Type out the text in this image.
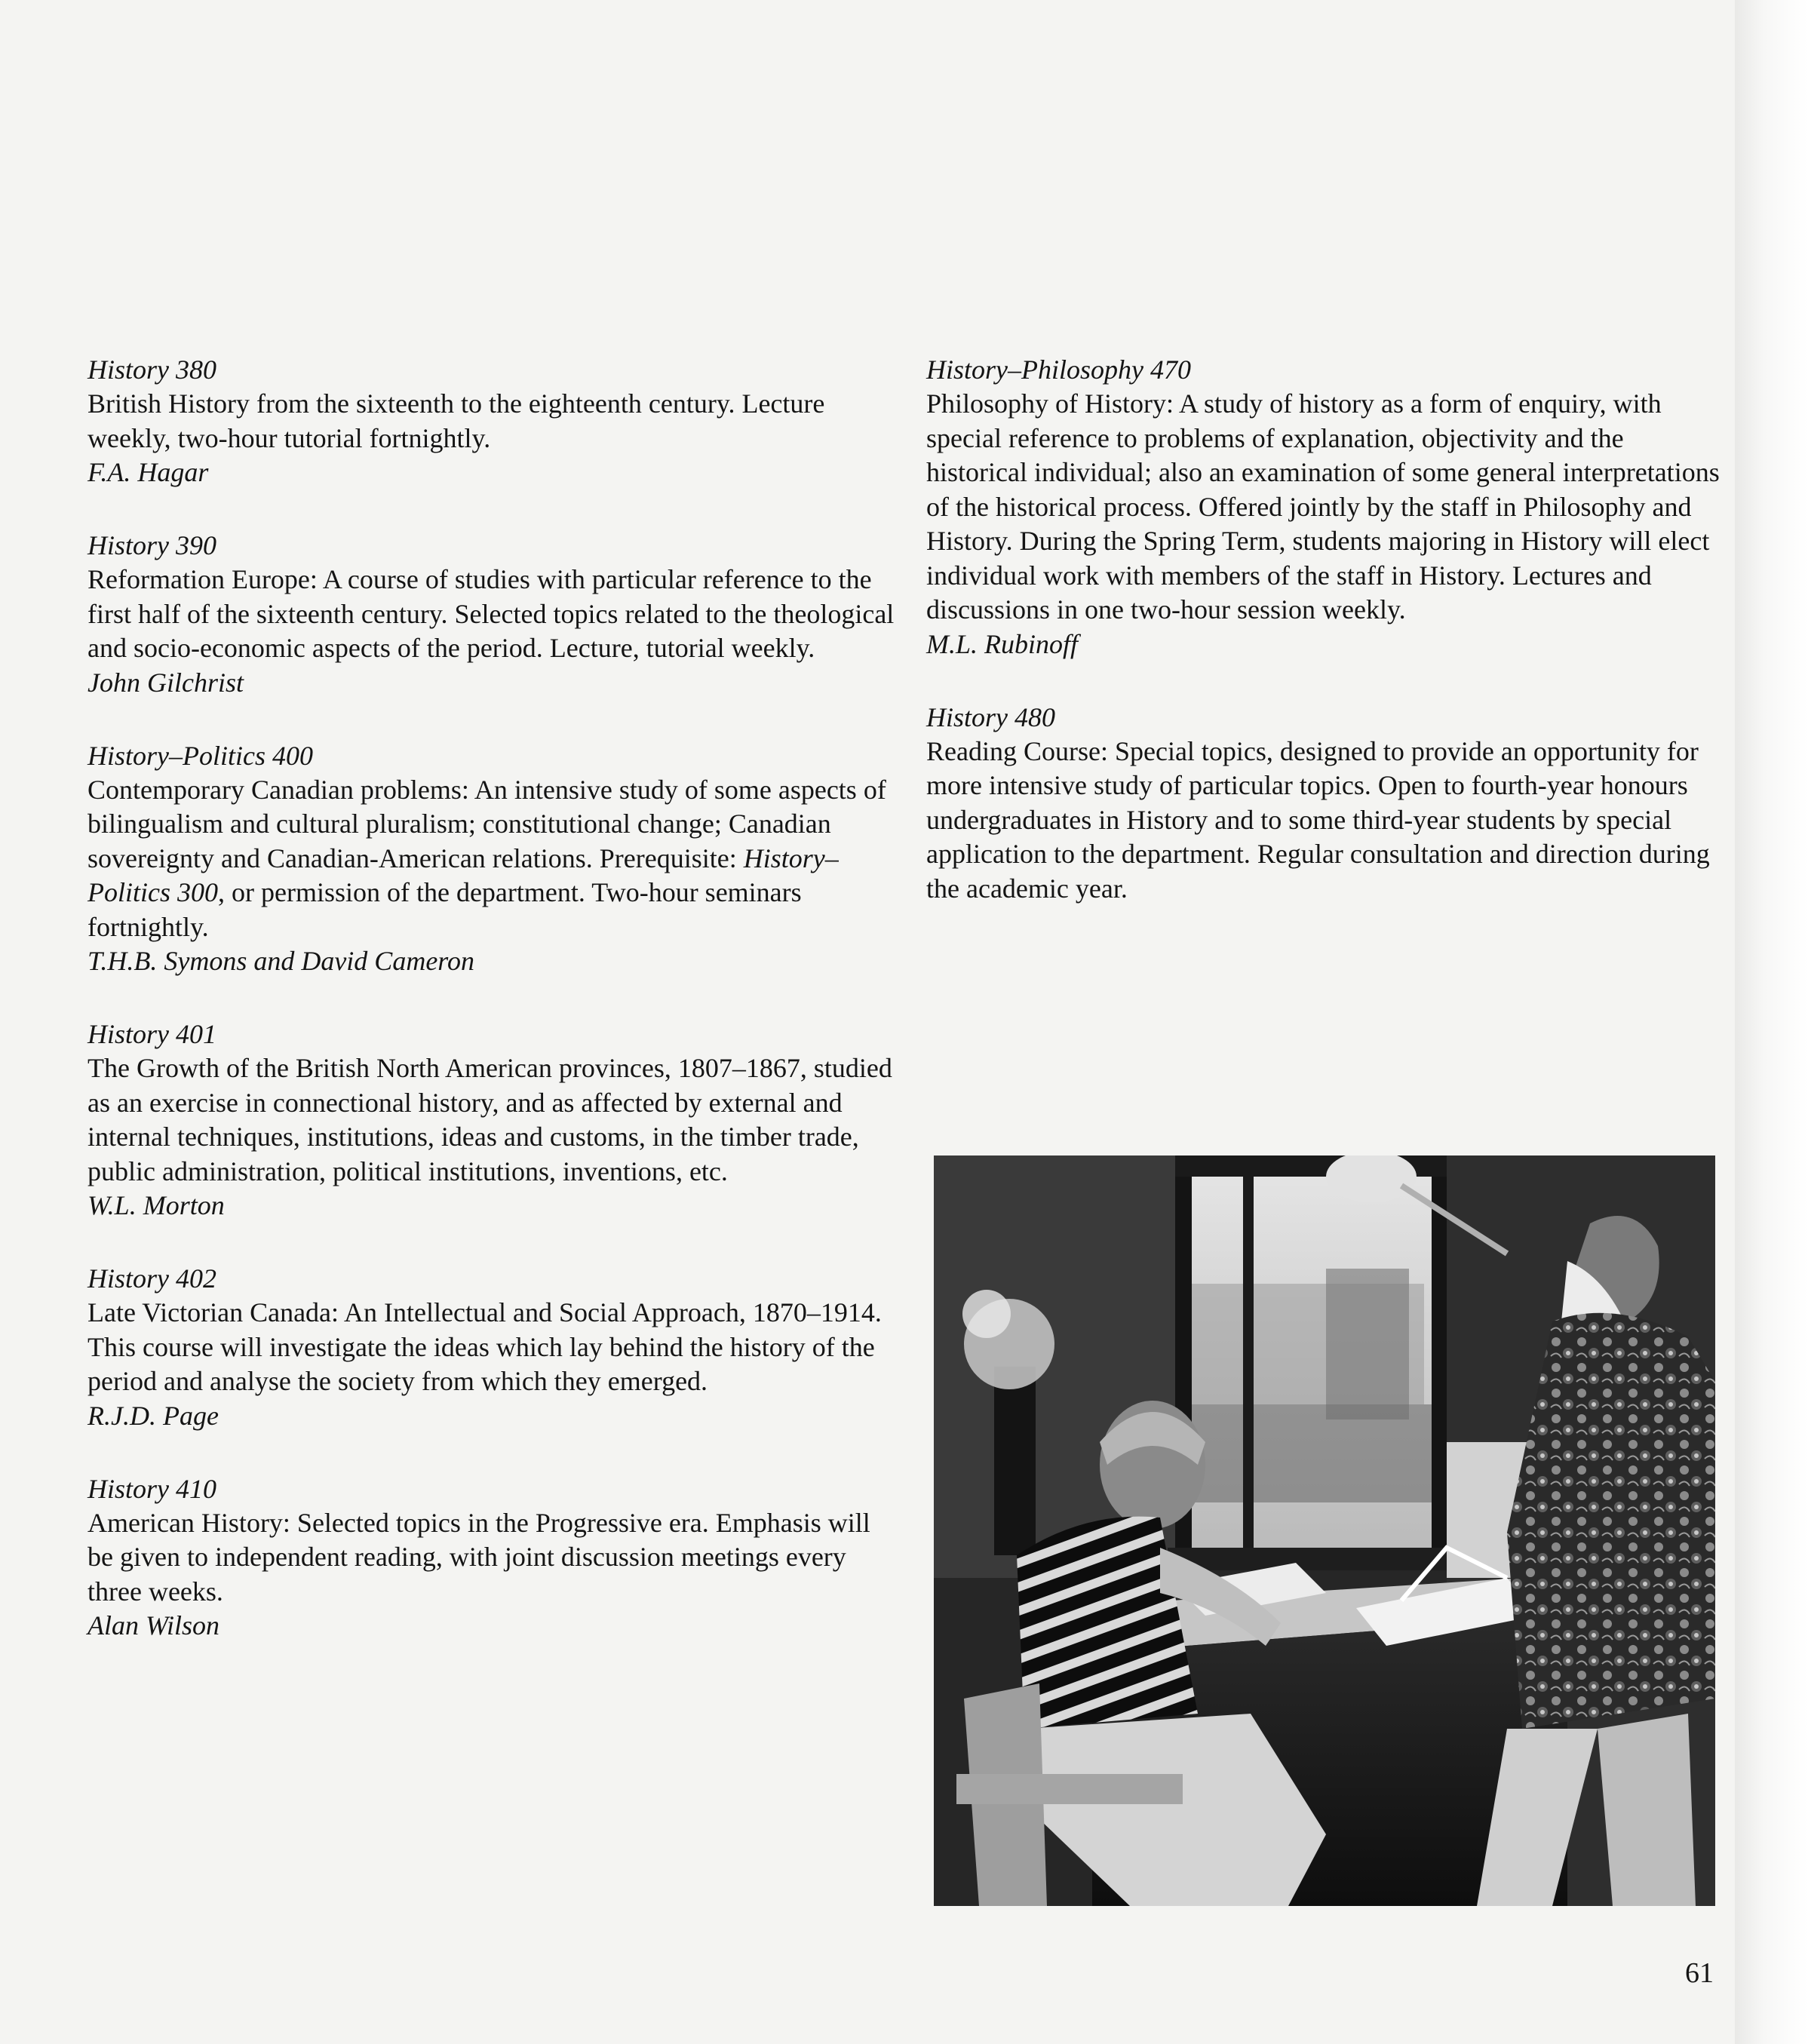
History 380

British History from the sixteenth to the eighteenth century. Lecture weekly, two-hour tutorial fortnightly.

F.A. Hagar

History 390

Reformation Europe: A course of studies with particular reference to the first half of the sixteenth century. Selected topics related to the theological and socio-economic aspects of the period. Lecture, tutorial weekly.

John Gilchrist

History–Politics 400

Contemporary Canadian problems: An intensive study of some aspects of bilingualism and cultural pluralism; constitutional change; Canadian sovereignty and Canadian-American relations. Prerequisite: History–Politics 300, or permission of the department. Two-hour seminars fortnightly.

T.H.B. Symons and David Cameron

History 401

The Growth of the British North American provinces, 1807–1867, studied as an exercise in connectional history, and as affected by external and internal techniques, institutions, ideas and customs, in the timber trade, public administration, political institutions, inventions, etc.

W.L. Morton

History 402

Late Victorian Canada: An Intellectual and Social Approach, 1870–1914. This course will investigate the ideas which lay behind the history of the period and analyse the society from which they emerged.

R.J.D. Page

History 410

American History: Selected topics in the Progressive era. Emphasis will be given to independent reading, with joint discussion meetings every three weeks.

Alan Wilson

History–Philosophy 470

Philosophy of History: A study of history as a form of enquiry, with special reference to problems of explanation, objectivity and the historical individual; also an examination of some general interpretations of the historical process. Offered jointly by the staff in Philosophy and History. During the Spring Term, students majoring in History will elect individual work with members of the staff in History. Lectures and discussions in one two-hour session weekly.

M.L. Rubinoff

History 480

Reading Course: Special topics, designed to provide an opportunity for more intensive study of particular topics. Open to fourth-year honours undergraduates in History and to some third-year students by special application to the department. Regular consultation and direction during the academic year.

61
